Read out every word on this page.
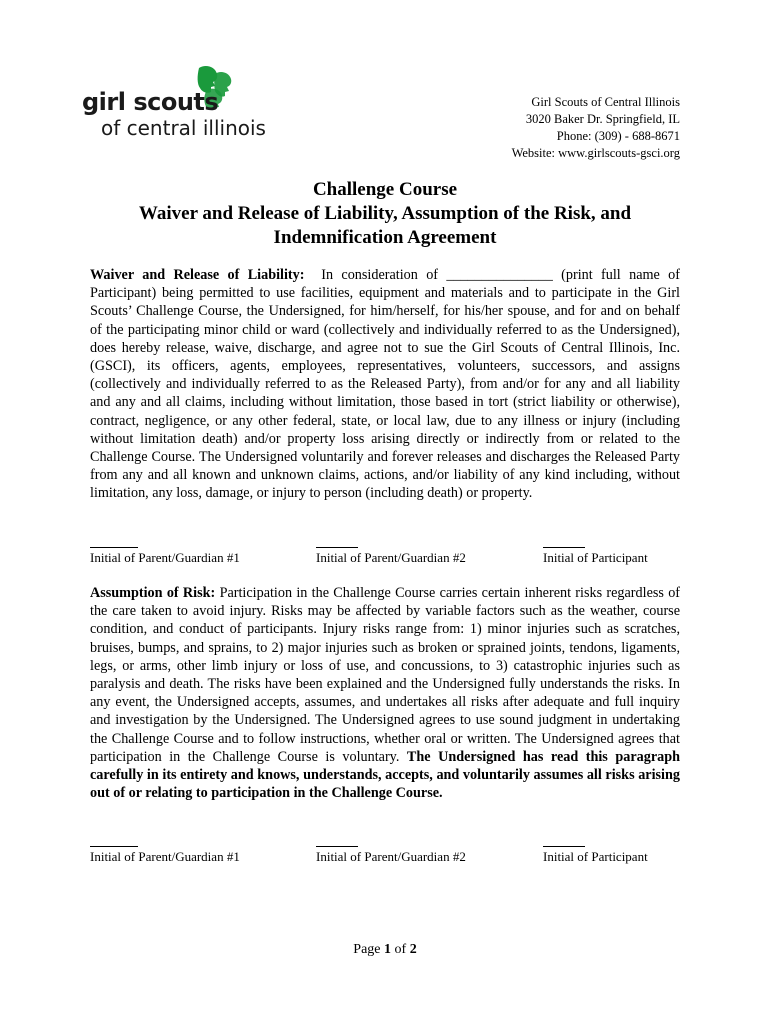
girl scouts
of central illinois
Girl Scouts of Central Illinois
3020 Baker Dr. Springfield, IL
Phone: (309) - 688-8671
Website: www.girlscouts-gsci.org
Challenge Course
Waiver and Release of Liability, Assumption of the Risk, and
Indemnification Agreement

Waiver and Release of Liability: In consideration of _______________ (print full name of Participant) being permitted to use facilities, equipment and materials and to participate in the Girl Scouts’ Challenge Course, the Undersigned, for him/herself, for his/her spouse, and for and on behalf of the participating minor child or ward (collectively and individually referred to as the Undersigned), does hereby release, waive, discharge, and agree not to sue the Girl Scouts of Central Illinois, Inc. (GSCI), its officers, agents, employees, representatives, volunteers, successors, and assigns (collectively and individually referred to as the Released Party), from and/or for any and all liability and any and all claims, including without limitation, those based in tort (strict liability or otherwise), contract, negligence, or any other federal, state, or local law, due to any illness or injury (including without limitation death) and/or property loss arising directly or indirectly from or related to the Challenge Course. The Undersigned voluntarily and forever releases and discharges the Released Party from any and all known and unknown claims, actions, and/or liability of any kind including, without limitation, any loss, damage, or injury to person (including death) or property.

Initial of Parent/Guardian #1	Initial of Parent/Guardian #2	Initial of Participant

Assumption of Risk: Participation in the Challenge Course carries certain inherent risks regardless of the care taken to avoid injury. Risks may be affected by variable factors such as the weather, course condition, and conduct of participants. Injury risks range from: 1) minor injuries such as scratches, bruises, bumps, and sprains, to 2) major injuries such as broken or sprained joints, tendons, ligaments, legs, or arms, other limb injury or loss of use, and concussions, to 3) catastrophic injuries such as paralysis and death. The risks have been explained and the Undersigned fully understands the risks. In any event, the Undersigned accepts, assumes, and undertakes all risks after adequate and full inquiry and investigation by the Undersigned. The Undersigned agrees to use sound judgment in undertaking the Challenge Course and to follow instructions, whether oral or written. The Undersigned agrees that participation in the Challenge Course is voluntary. The Undersigned has read this paragraph carefully in its entirety and knows, understands, accepts, and voluntarily assumes all risks arising out of or relating to participation in the Challenge Course.

Initial of Parent/Guardian #1	Initial of Parent/Guardian #2	Initial of Participant
Page 1 of 2
